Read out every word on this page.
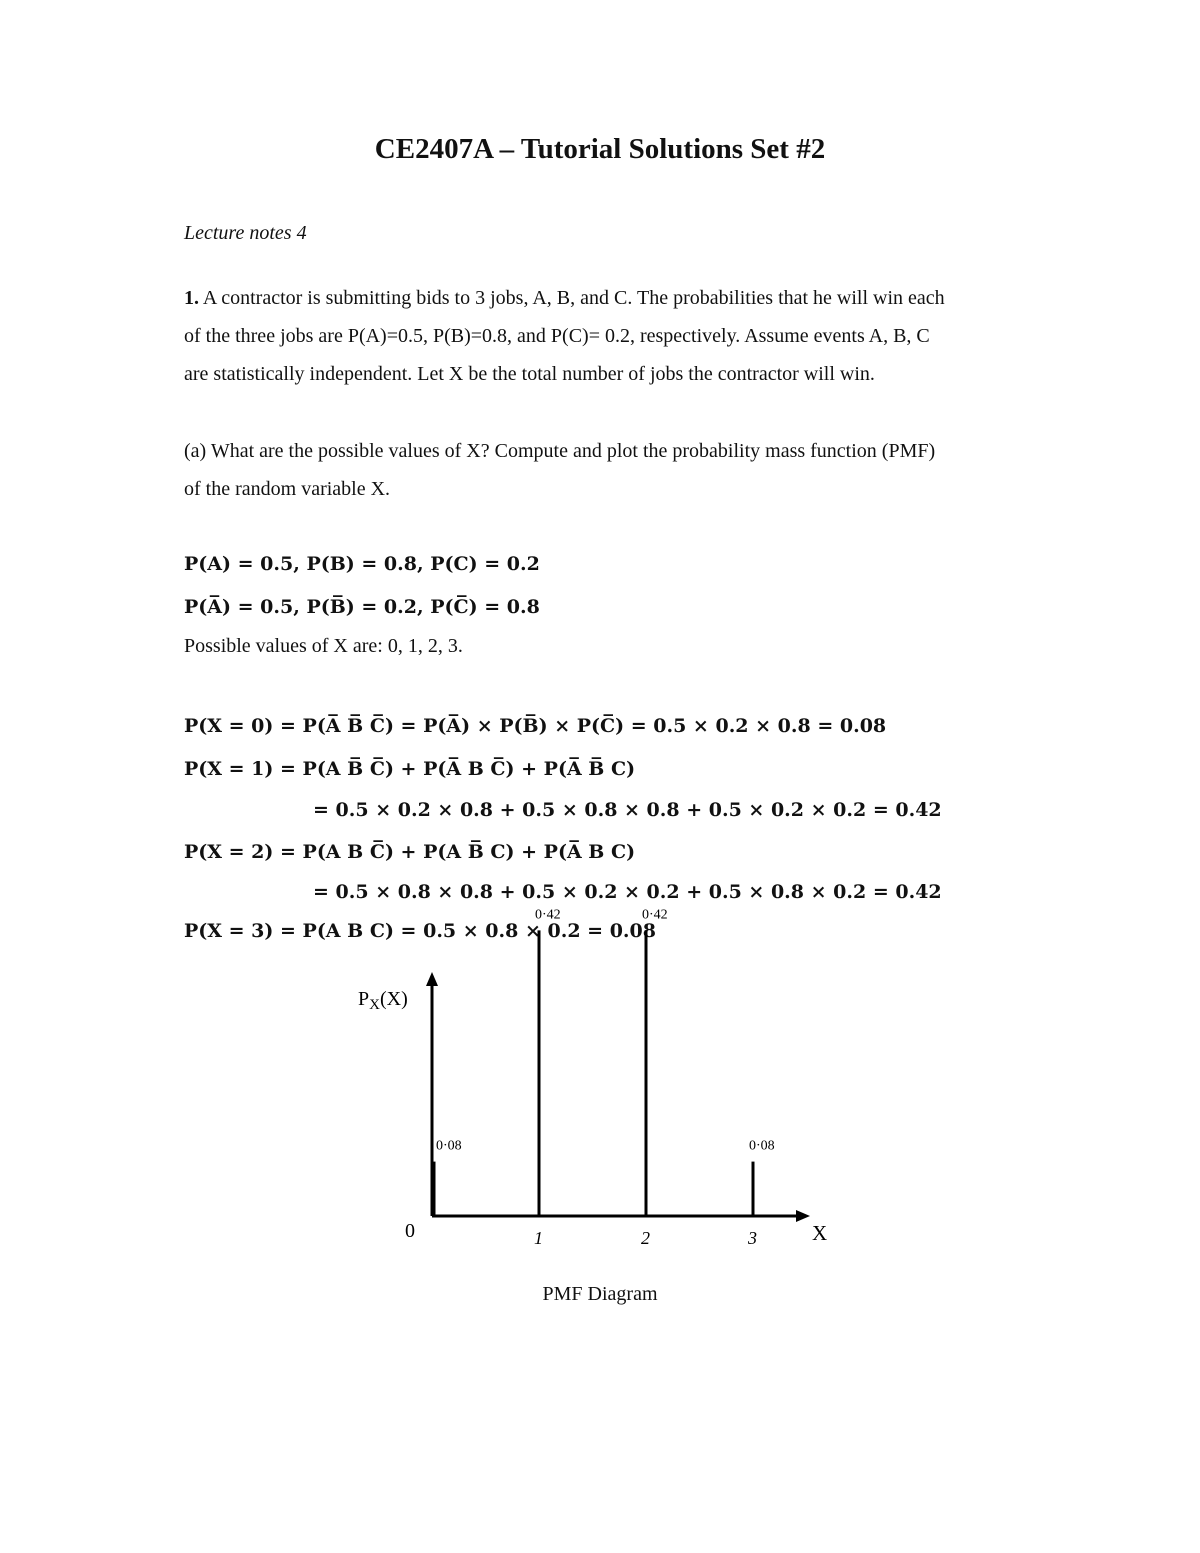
CE2407A – Tutorial Solutions Set #2
Lecture notes 4

1. A contractor is submitting bids to 3 jobs, A, B, and C. The probabilities that he will win each

of the three jobs are P(A)=0.5, P(B)=0.8, and P(C)= 0.2, respectively. Assume events A, B, C

are statistically independent. Let X be the total number of jobs the contractor will win.

(a) What are the possible values of X? Compute and plot the probability mass function (PMF)

of the random variable X.

P(A) = 0.5, P(B) = 0.8, P(C) = 0.2
P(A̅) = 0.5, P(B̅) = 0.2, P(C̅) = 0.8
Possible values of X are: 0, 1, 2, 3.
P(X = 0) = P(A̅ B̅ C̅) = P(A̅) × P(B̅) × P(C̅) = 0.5 × 0.2 × 0.8 = 0.08
P(X = 1) = P(A B̅ C̅) + P(A̅ B C̅) + P(A̅ B̅ C)
= 0.5 × 0.2 × 0.8 + 0.5 × 0.8 × 0.8 + 0.5 × 0.2 × 0.2 = 0.42
P(X = 2) = P(A B C̅) + P(A B̅ C) + P(A̅ B C)
= 0.5 × 0.8 × 0.8 + 0.5 × 0.2 × 0.2 + 0.5 × 0.8 × 0.2 = 0.42
P(X = 3) = P(A B C) = 0.5 × 0.8 × 0.2 = 0.08
$P_X(X)$
X
0
0·08
0·42
1
0·42
2
0·08
3
PMF Diagram
